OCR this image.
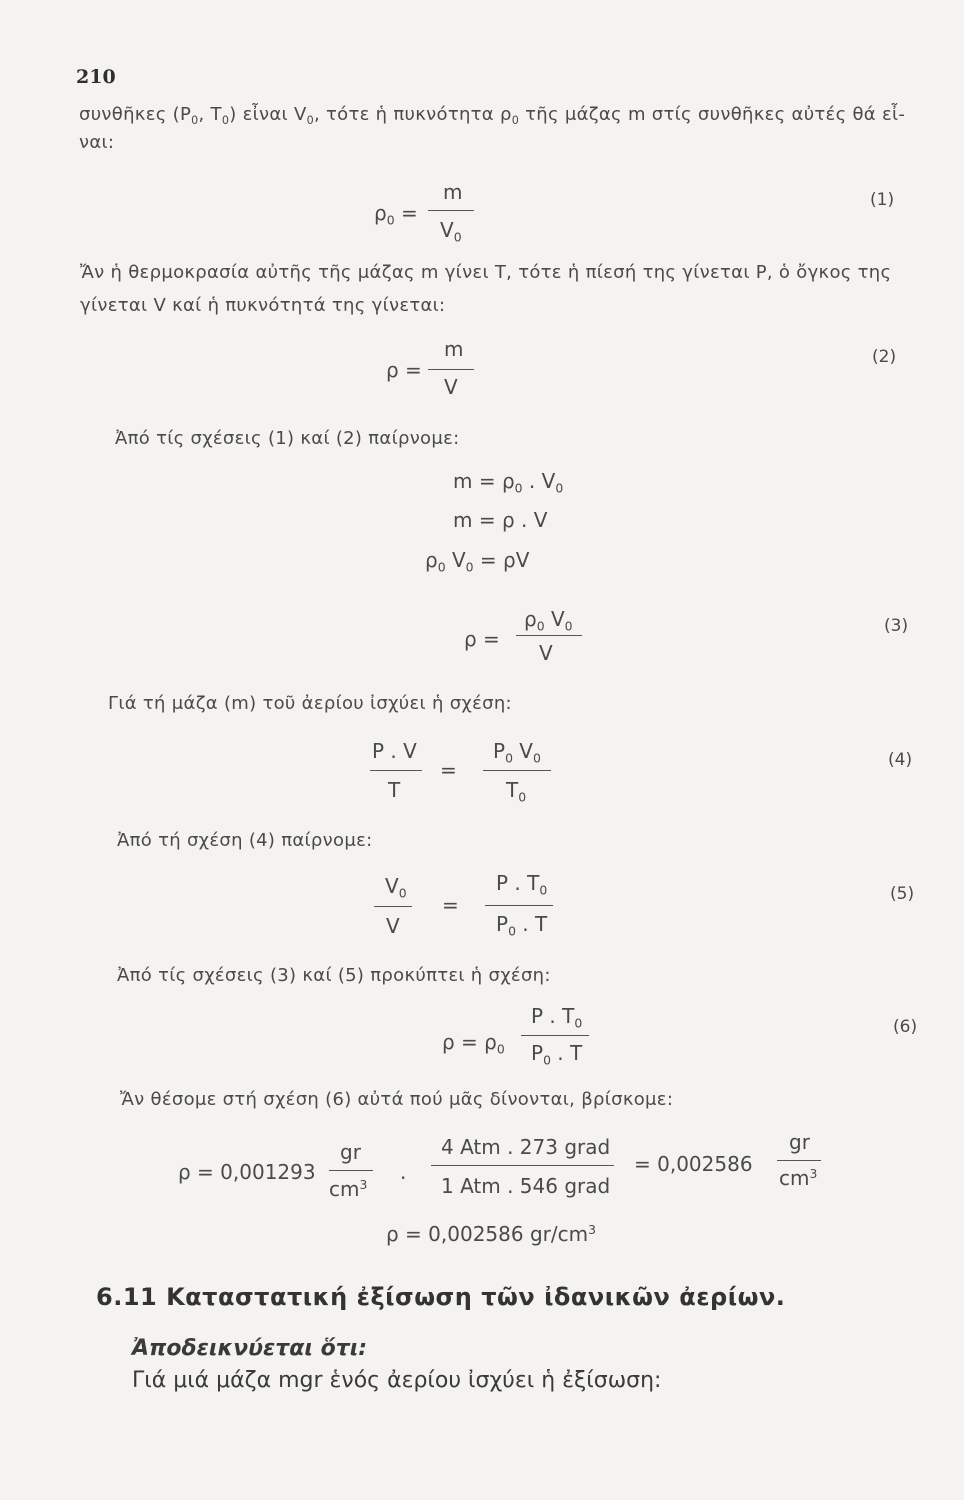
210
συνθῆκες ($P_0$, $T_0$) εἶναι $V_0$, τότε ἡ πυκνότητα $\rho_0$ τῆς μάζας m στίς συνθῆκες αὐτές θά εἶ-
ναι:
$\rho_0$ =
m
$V_0$
(1)
Ἄν ἡ θερμοκρασία αὐτῆς τῆς μάζας m γίνει T, τότε ἡ πίεσή της γίνεται P, ὁ ὄγκος της
γίνεται V καί ἡ πυκνότητά της γίνεται:
ρ =
m
V
(2)
Ἀπό τίς σχέσεις (1) καί (2) παίρνομε:
$m = \rho_0$ . $V_0$
m = ρ . V
$\rho_0$ $V_0 = \rho V$
ρ =
$\rho_0$ $V_0$
V
(3)
Γιά τή μάζα (m) τοῦ ἀερίου ἰσχύει ἡ σχέση:
P . V
T
=
$P_0$ $V_0$
$T_0$
(4)
Ἀπό τή σχέση (4) παίρνομε:
$V_0$
V
=
P . $T_0$
$P_0$ . T
(5)
Ἀπό τίς σχέσεις (3) καί (5) προκύπτει ἡ σχέση:
$\rho = \rho_0$
P . $T_0$
$P_0$ . T
(6)
Ἄν θέσομε στή σχέση (6) αὐτά πού μᾶς δίνονται, βρίσκομε:
ρ = 0,001293
gr
$cm^3$
.
4 Atm . 273 grad
1 Atm . 546 grad
= 0,002586
gr
$cm^3$
ρ = 0,002586 $gr/cm^3$
6.11 Καταστατική ἐξίσωση τῶν ἰδανικῶν ἀερίων.
Ἀποδεικνύεται ὅτι:
Γιά μιά μάζα mgr ἑνός ἀερίου ἰσχύει ἡ ἐξίσωση:
